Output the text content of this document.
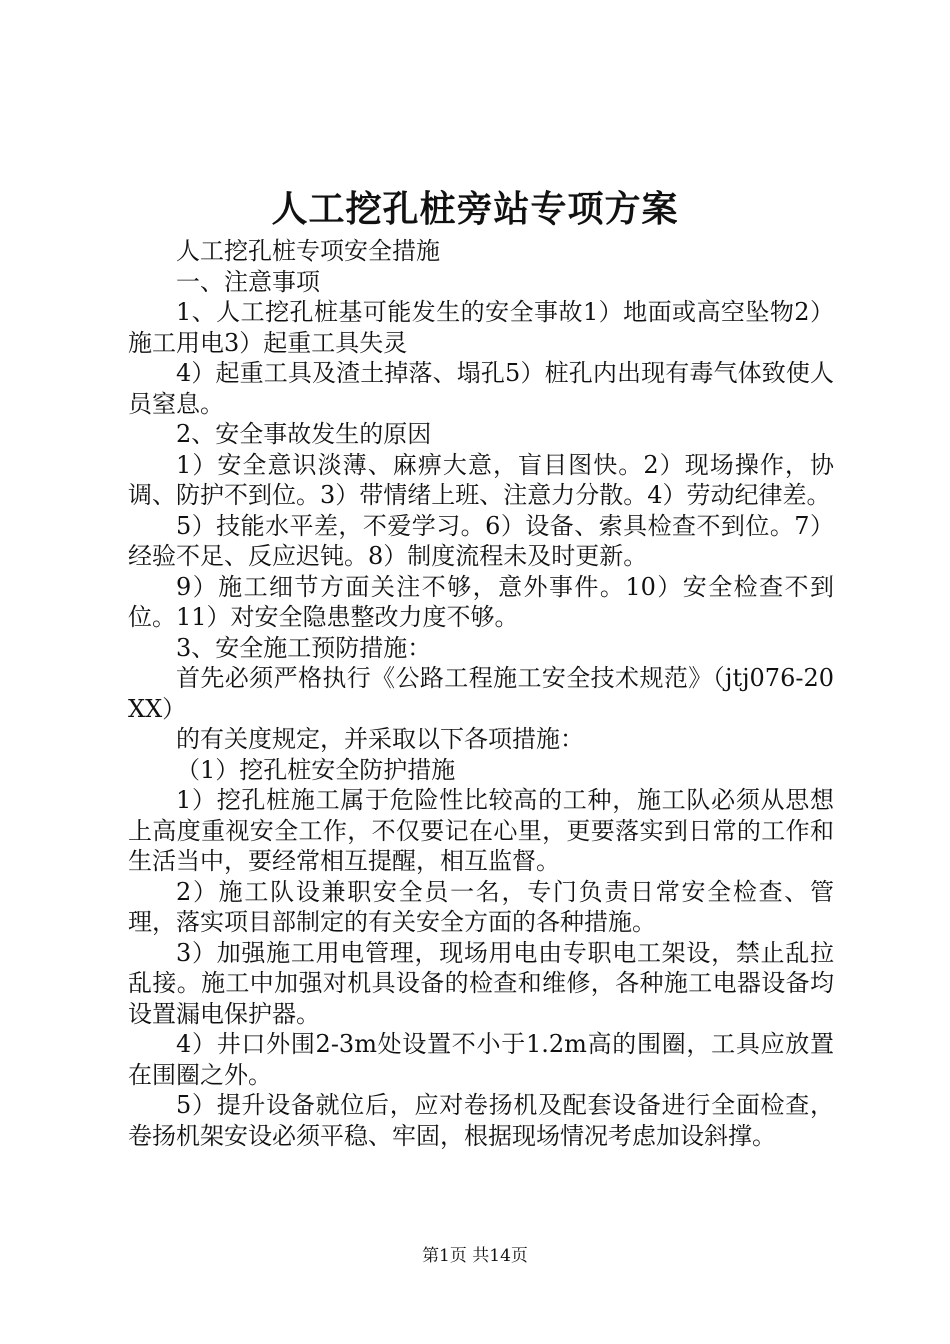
人工挖孔桩旁站专项方案

人工挖孔桩专项安全措施

一、注意事项

1、人工挖孔桩基可能发生的安全事故1）地面或高空坠物2）施工用电3）起重工具失灵

4）起重工具及渣土掉落、塌孔5）桩孔内出现有毒气体致使人员窒息。

2、安全事故发生的原因

1）安全意识淡薄、麻痹大意，盲目图快。2）现场操作，协调、防护不到位。3）带情绪上班、注意力分散。4）劳动纪律差。

5）技能水平差，不爱学习。6）设备、索具检查不到位。7）经验不足、反应迟钝。8）制度流程未及时更新。

9）施工细节方面关注不够，意外事件。10）安全检查不到位。11）对安全隐患整改力度不够。

3、安全施工预防措施：

首先必须严格执行《公路工程施工安全技术规范》（jtj076-20XX）

的有关度规定，并采取以下各项措施：

（1）挖孔桩安全防护措施

1）挖孔桩施工属于危险性比较高的工种，施工队必须从思想上高度重视安全工作，不仅要记在心里，更要落实到日常的工作和生活当中，要经常相互提醒，相互监督。

2）施工队设兼职安全员一名，专门负责日常安全检查、管理，落实项目部制定的有关安全方面的各种措施。

3）加强施工用电管理，现场用电由专职电工架设，禁止乱拉乱接。施工中加强对机具设备的检查和维修，各种施工电器设备均设置漏电保护器。

4）井口外围2-3m处设置不小于1.2m高的围圈，工具应放置在围圈之外。

5）提升设备就位后，应对卷扬机及配套设备进行全面检查，卷扬机架安设必须平稳、牢固，根据现场情况考虑加设斜撑。

第1页 共14页
